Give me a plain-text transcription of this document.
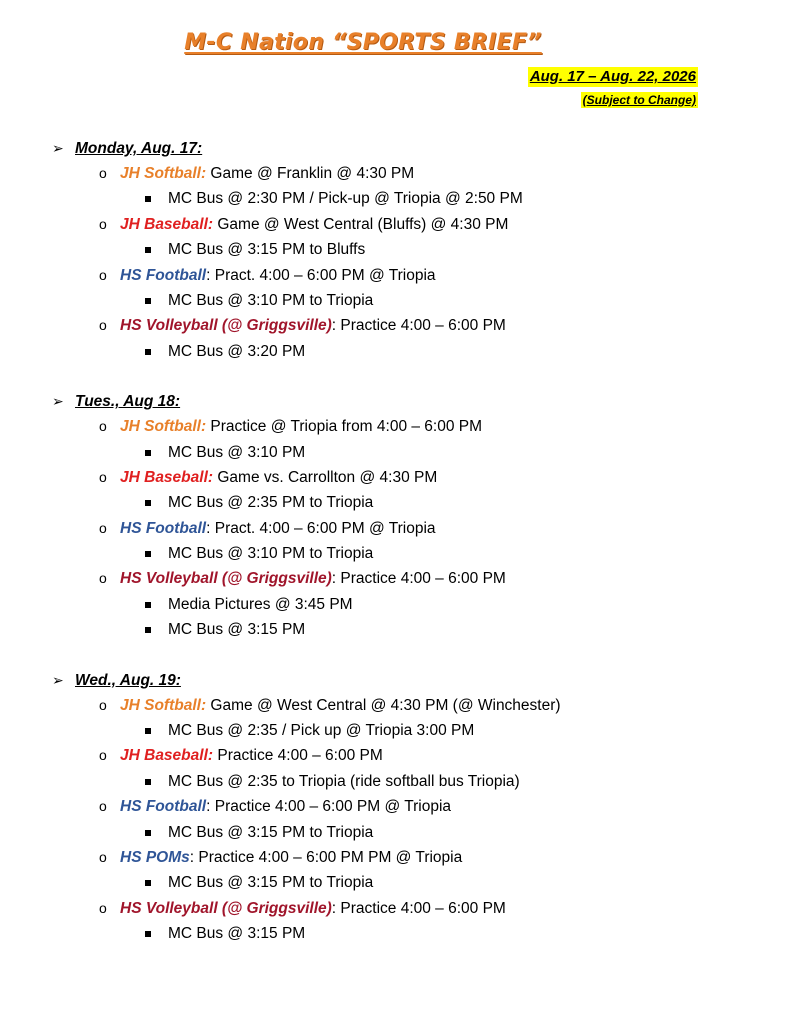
M-C Nation “SPORTS BRIEF”
Aug. 17 – Aug. 22, 2026
(Subject to Change)
➢ Monday, Aug. 17:
o JH Softball: Game @ Franklin @ 4:30 PM
MC Bus @ 2:30 PM / Pick-up @ Triopia @ 2:50 PM
o JH Baseball: Game @ West Central (Bluffs) @ 4:30 PM
MC Bus @ 3:15 PM to Bluffs
o HS Football: Pract. 4:00 – 6:00 PM @ Triopia
MC Bus @ 3:10 PM to Triopia
o HS Volleyball (@ Griggsville): Practice 4:00 – 6:00 PM
MC Bus @ 3:20 PM
➢ Tues., Aug 18:
o JH Softball: Practice @ Triopia from 4:00 – 6:00 PM
MC Bus @ 3:10 PM
o JH Baseball: Game vs. Carrollton @ 4:30 PM
MC Bus @ 2:35 PM to Triopia
o HS Football: Pract. 4:00 – 6:00 PM @ Triopia
MC Bus @ 3:10 PM to Triopia
o HS Volleyball (@ Griggsville): Practice 4:00 – 6:00 PM
Media Pictures @ 3:45 PM
MC Bus @ 3:15 PM
➢ Wed., Aug. 19:
o JH Softball: Game @ West Central @ 4:30 PM (@ Winchester)
MC Bus @ 2:35 / Pick up @ Triopia 3:00 PM
o JH Baseball: Practice 4:00 – 6:00 PM
MC Bus @ 2:35 to Triopia (ride softball bus Triopia)
o HS Football: Practice 4:00 – 6:00 PM @ Triopia
MC Bus @ 3:15 PM to Triopia
o HS POMs: Practice 4:00 – 6:00 PM PM @ Triopia
MC Bus @ 3:15 PM to Triopia
o HS Volleyball (@ Griggsville): Practice 4:00 – 6:00 PM
MC Bus @ 3:15 PM
